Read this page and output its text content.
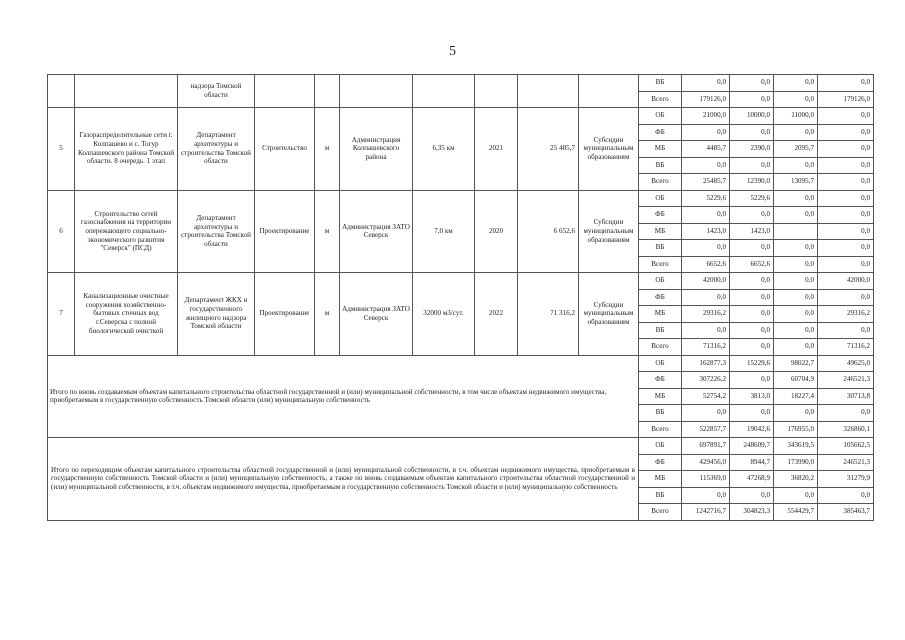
5
		надзора Томской области								ВБ	0,0	0,0	0,0	0,0
										Всего	179126,0	0,0	0,0	179126,0
5	Газораспределительные сети г. Колпашево и с. Тогур Колпашевского района Томской области. 8 очередь. 1 этап	Департамент архитектуры и строительства Томской области	Строительство	м	Администрация Колпашевского района	6,35 км	2021	25 485,7	Субсидии муниципальным образованиям	ОБ	21000,0	10000,0	11000,0	0,0
										ФБ	0,0	0,0	0,0	0,0
										МБ	4485,7	2390,0	2095,7	0,0
										ВБ	0,0	0,0	0,0	0,0
										Всего	25485,7	12390,0	13095,7	0,0
6	Строительство сетей газоснабжения на территории опережающего социально-экономического развития "Северск" (ПСД)	Департамент архитектуры и строительства Томской области	Проектирование	м	Администрация ЗАТО Северск	7,0 км	2020	6 652,6	Субсидии муниципальным образованиям	ОБ	5229,6	5229,6	0,0	0,0
										ФБ	0,0	0,0	0,0	0,0
										МБ	1423,0	1423,0		0,0
										ВБ	0,0	0,0	0,0	0,0
										Всего	6652,6	6652,6	0,0	0,0
7	Канализационные очистные сооружения хозяйственно-бытовых сточных вод г.Северска с полной биологической очисткой	Департамент ЖКХ и государственного жилищного надзора Томской области	Проектирование	м	Администрация ЗАТО Северск	32000 м3/сут.	2022	71 316,2	Субсидии муниципальным образованиям	ОБ	42000,0	0,0	0,0	42000,0
										ФБ	0,0	0,0	0,0	0,0
										МБ	29316,2	0,0	0,0	29316,2
										ВБ	0,0	0,0	0,0	0,0
										Всего	71316,2	0,0	0,0	71316,2
Итого по вновь создаваемым объектам капитального строительства областной государственной и (или) муниципальной собственности, в том числе объектам недвижимого имущества, приобретаемым в государственную собственность Томской области (или) муниципальную собственность										ОБ	162877,3	15229,6	98022,7	49625,0
										ФБ	307226,2	0,0	60704,9	246521,3
										МБ	52754,2	3813,0	18227,4	30713,8
										ВБ	0,0	0,0	0,0	0,0
										Всего	522857,7	19042,6	176955,0	326860,1
Итого по переходящим объектам капитального строительства областной государственной и (или) муниципальной собственности, в т.ч. объектам недвижимого имущества, приобретаемым в государственную собственность Томской области и (или) муниципальную собственность, а также по вновь создаваемым объектам капитального строительства областной государственной и (или) муниципальной собственности, в т.ч. объектам недвижимого имущества, приобретаемым в государственную собственность Томской области и (или) муниципальную собственность										ОБ	697891,7	248609,7	343619,5	105662,5
										ФБ	429456,0	8944,7	173990,0	246521,3
										МБ	115369,0	47268,9	36820,2	31279,9
										ВБ	0,0	0,0	0,0	0,0
										Всего	1242716,7	304823,3	554429,7	385463,7
